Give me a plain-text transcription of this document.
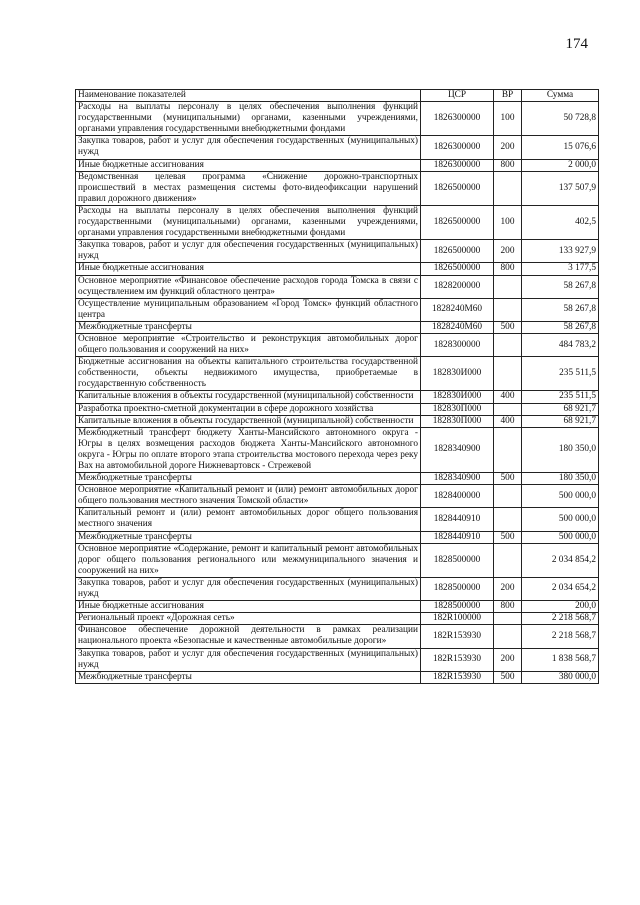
174
Наименование показателей	ЦСР	ВР	Сумма
Расходы на выплаты персоналу в целях обеспечения выполнения функций государственными (муниципальными) органами, казенными учреждениями, органами управления государственными внебюджетными фондами	1826300000	100	50 728,8
Закупка товаров, работ и услуг для обеспечения государственных (муниципальных) нужд	1826300000	200	15 076,6
Иные бюджетные ассигнования	1826300000	800	2 000,0
Ведомственная целевая программа «Снижение дорожно-транспортных происшествий в местах размещения системы фото-видеофиксации нарушений правил дорожного движения»	1826500000		137 507,9
Расходы на выплаты персоналу в целях обеспечения выполнения функций государственными (муниципальными) органами, казенными учреждениями, органами управления государственными внебюджетными фондами	1826500000	100	402,5
Закупка товаров, работ и услуг для обеспечения государственных (муниципальных) нужд	1826500000	200	133 927,9
Иные бюджетные ассигнования	1826500000	800	3 177,5
Основное мероприятие «Финансовое обеспечение расходов города Томска в связи с осуществлением им функций областного центра»	1828200000		58 267,8
Осуществление муниципальным образованием «Город Томск» функций областного центра	1828240М60		58 267,8
Межбюджетные трансферты	1828240М60	500	58 267,8
Основное мероприятие «Строительство и реконструкция автомобильных дорог общего пользования и сооружений на них»	1828300000		484 783,2
Бюджетные ассигнования на объекты капитального строительства государственной собственности, объекты недвижимого имущества, приобретаемые в государственную собственность	182830И000		235 511,5
Капитальные вложения в объекты государственной (муниципальной) собственности	182830И000	400	235 511,5
Разработка проектно-сметной документации в сфере дорожного хозяйства	182830П000		68 921,7
Капитальные вложения в объекты государственной (муниципальной) собственности	182830П000	400	68 921,7
Межбюджетный трансферт бюджету Ханты-Мансийского автономного округа - Югры в целях возмещения расходов бюджета Ханты-Мансийского автономного округа - Югры по оплате второго этапа строительства мостового перехода через реку Вах на автомобильной дороге Нижневартовск - Стрежевой	1828340900		180 350,0
Межбюджетные трансферты	1828340900	500	180 350,0
Основное мероприятие «Капитальный ремонт и (или) ремонт автомобильных дорог общего пользования местного значения Томской области»	1828400000		500 000,0
Капитальный ремонт и (или) ремонт автомобильных дорог общего пользования местного значения	1828440910		500 000,0
Межбюджетные трансферты	1828440910	500	500 000,0
Основное мероприятие «Содержание, ремонт и капитальный ремонт автомобильных дорог общего пользования регионального или межмуниципального значения и сооружений на них»	1828500000		2 034 854,2
Закупка товаров, работ и услуг для обеспечения государственных (муниципальных) нужд	1828500000	200	2 034 654,2
Иные бюджетные ассигнования	1828500000	800	200,0
Региональный проект «Дорожная сеть»	182R100000		2 218 568,7
Финансовое обеспечение дорожной деятельности в рамках реализации национального проекта «Безопасные и качественные автомобильные дороги»	182R153930		2 218 568,7
Закупка товаров, работ и услуг для обеспечения государственных (муниципальных) нужд	182R153930	200	1 838 568,7
Межбюджетные трансферты	182R153930	500	380 000,0
